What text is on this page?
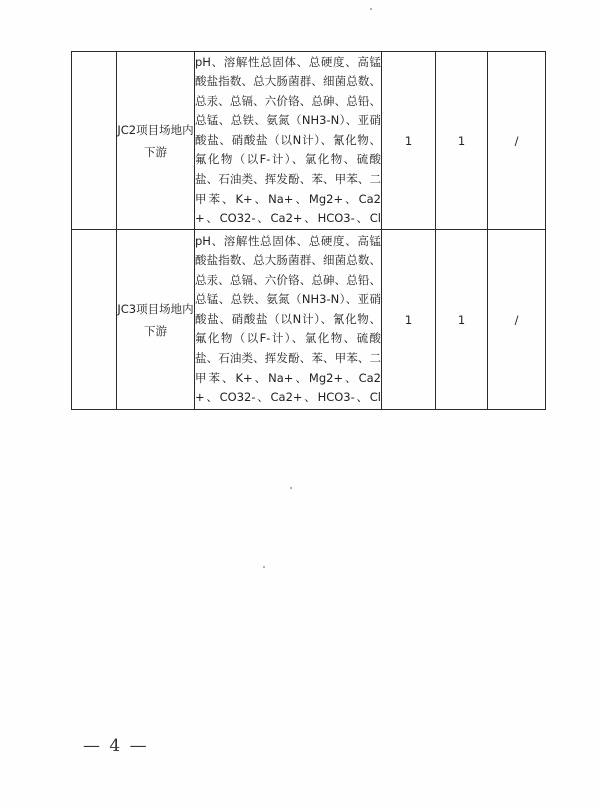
	JC2项目场地内下游	pH、溶解性总固体、总硬度、高锰酸盐指数、总大肠菌群、细菌总数、总汞、总镉、六价铬、总砷、总铅、总锰、总铁、氨氮（NH3-N）、亚硝酸盐、硝酸盐（以N计）、氰化物、氟化物（以F-计）、氯化物、硫酸盐、石油类、挥发酚、苯、甲苯、二甲苯、K+、Na+、Mg2+、Ca2+、CO32-、Ca2+、HCO3-、Cl	1	1	/
	JC3项目场地内下游	pH、溶解性总固体、总硬度、高锰酸盐指数、总大肠菌群、细菌总数、总汞、总镉、六价铬、总砷、总铅、总锰、总铁、氨氮（NH3-N）、亚硝酸盐、硝酸盐（以N计）、氰化物、氟化物（以F-计）、氯化物、硫酸盐、石油类、挥发酚、苯、甲苯、二甲苯、K+、Na+、Mg2+、Ca2+、CO32-、Ca2+、HCO3-、Cl	1	1	/
— 4 —
